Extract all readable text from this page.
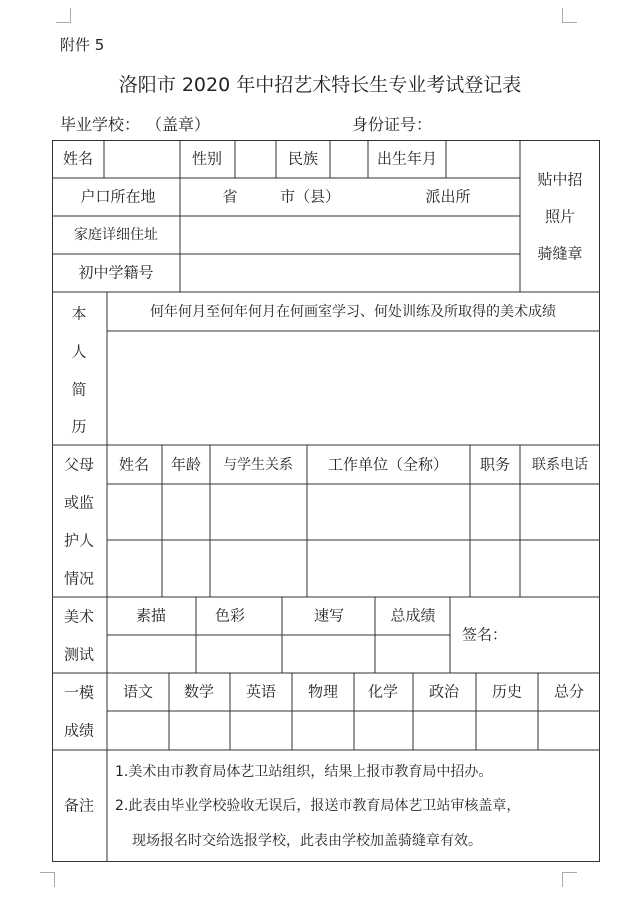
附件 5
洛阳市 2020 年中招艺术特长生专业考试登记表
毕业学校： （盖章）	身份证号：
姓名	性别	民族	出生年月
贴中招
照片
骑缝章
户口所在地	省	市（县）	派出所
家庭详细住址
初中学籍号
本
人
简
历
何年何月至何年何月在何画室学习、何处训练及所取得的美术成绩
父母
或监
护人
情况
姓名 年龄 与学生关系 工作单位（全称） 职务 联系电话
美术
测试
素描	色彩	速写	总成绩
签名：
一模
成绩
语文 数学 英语 物理 化学 政治 历史 总分
备注
1.美术由市教育局体艺卫站组织，结果上报市教育局中招办。
2.此表由毕业学校验收无误后，报送市教育局体艺卫站审核盖章，
现场报名时交给选报学校，此表由学校加盖骑缝章有效。
